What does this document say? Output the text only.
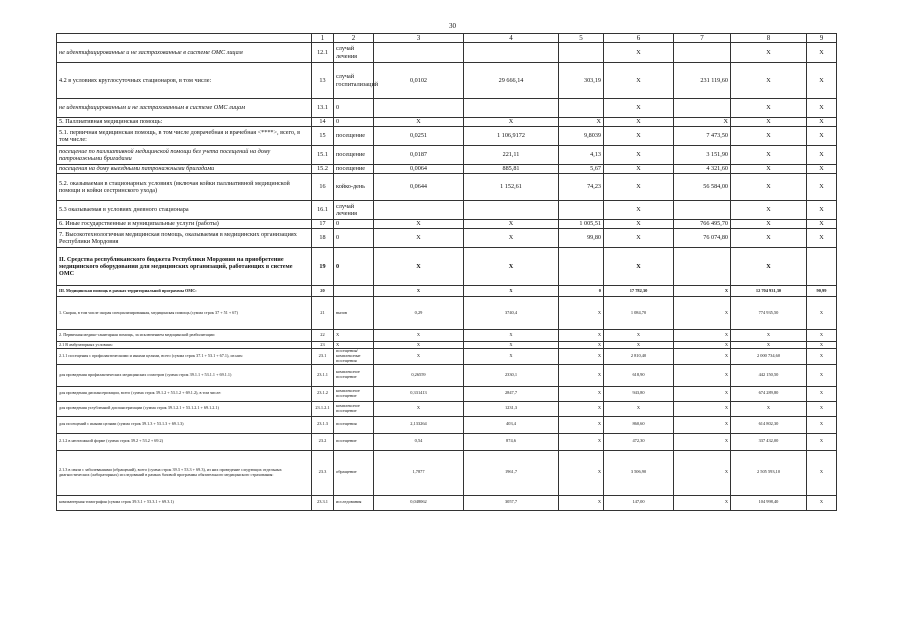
30
	1	2	3	4	5	6	7	8	9
не идентифицированные и не застрахованные в системе ОМС лицам	12.1	случай лечения				X		X	X
4.2 в условиях круглосуточных стационаров, в том числе:	13	случай госпитализаций	0,0102	29 666,14	303,19	X	231 119,60	X	X
не идентифицированным и не застрахованным в системе ОМС лицам	13.1	0				X		X	X
5. Паллиативная медицинская помощь:	14	0	X	X	X	X	X	X	X
5.1. первичная медицинская помощь, в том числе доврачебная и врачебная <****>, всего, в том числе:	15	посещение	0,0251	1 106,9172	9,8039	X	7 473,50	X	X
посещение по паллиативной медицинской помощи без учета посещений на дому патронажными бригадами	15.1	посещение	0,0187	221,11	4,13	X	3 151,90	X	X
посещения на дому выездными патронажными бригадами	15.2	посещение	0,0064	885,81	5,67	X	4 321,60	X	X
5.2. оказываемая в стационарных условиях (включая койки паллиативной медицинской помощи и койки сестринского ухода)	16	койко-день	0,0644	1 152,61	74,23	X	56 584,00	X	X
5.3 оказываемая в условиях дневного стационара	16.1	случай лечения				X		X	X
6. Иные государственные и муниципальные услуги (работы)	17	0	X	X	1 005,51	X	766 495,70	X	X
7. Высокотехнологичная медицинская помощь, оказываемая в медицинских организациях Республики Мордовия	18	0	X	X	99,80	X	76 074,80	X	X
II. Средства республиканского бюджета Республики Мордовия на приобретение медицинского оборудования для медицинских организаций, работающих в системе ОМС	19	0	X	X		X		X	
III. Медицинская помощь в рамках территориальной программы ОМС:	20		X	X	0	17 782,30	X	12 704 931,30	90,99
1. Скорая, в том числе скорая специализированная, медицинская помощь (сумма строк 37 + 51 + 67)	21	вызов	0,29	3740,4	X	1 084,70	X	774 935,50	X
2. Первичная медико-санитарная помощь, за исключением медицинской реабилитации	22	X	X	X	X	X	X	X	X
2.1 В амбулаторных условиях:	23	X	X	X	X	X	X	X	X
2.1.1 посещения с профилактическими и иными целями, всего (сумма строк 37.1 + 53.1 + 67.1), из них:	23.1	посещения/комплексные посещения	X	X	X	2 810,40	X	2 000 734,60	X
для проведения профилактических медицинских осмотров (сумма строк 39.1.1 + 53.1.1 + 69.1.1)	23.1.1	комплексное посещение	0,26559	2330,1	X	618,90	X	442 150,50	X
для проведения диспансеризации, всего (сумма строк 39.1.2 + 53.1.2 + 69.1.2), в том числе:	23.1.2	комплексное посещение	0,331413	2847,7	X	943,80	X	674 289,80	X
для проведения углубленной диспансеризации (сумма строк 39.1.2.1 + 53.1.2.1 + 69.1.2.1)	23.1.2.1	комплексное посещение	X	1231,3	X	X	X	X	X
для посещений с иными целями (сумма строк 39.1.3 + 53.1.3 + 69.1.3)	23.1.3	посещения	2,133264	403,4	X	860,60	X	614 802,30	X
2.1.2 в неотложной форме (сумма строк 39.2 + 53.2 + 69.2)	23.2	посещение	0,54	874,6	X	472,30	X	337 432,00	X
2.1.3 в связи с заболеваниями (обращений), всего (сумма строк 39.3 + 53.3 + 69.3), из них проведение следующих отдельных диагностических (лабораторных) исследований в рамках базовой программы обязательного медицинского страхования:	23.3	обращение	1,7877	1961,7	X	3 506,90	X	2 505 593,10	X
компьютерная томография (сумма строк 39.3.1 + 53.3.1 + 69.3.1)	23.3.1	исследования	0,048062	3057,7	X	147,00	X	104 998,40	X
